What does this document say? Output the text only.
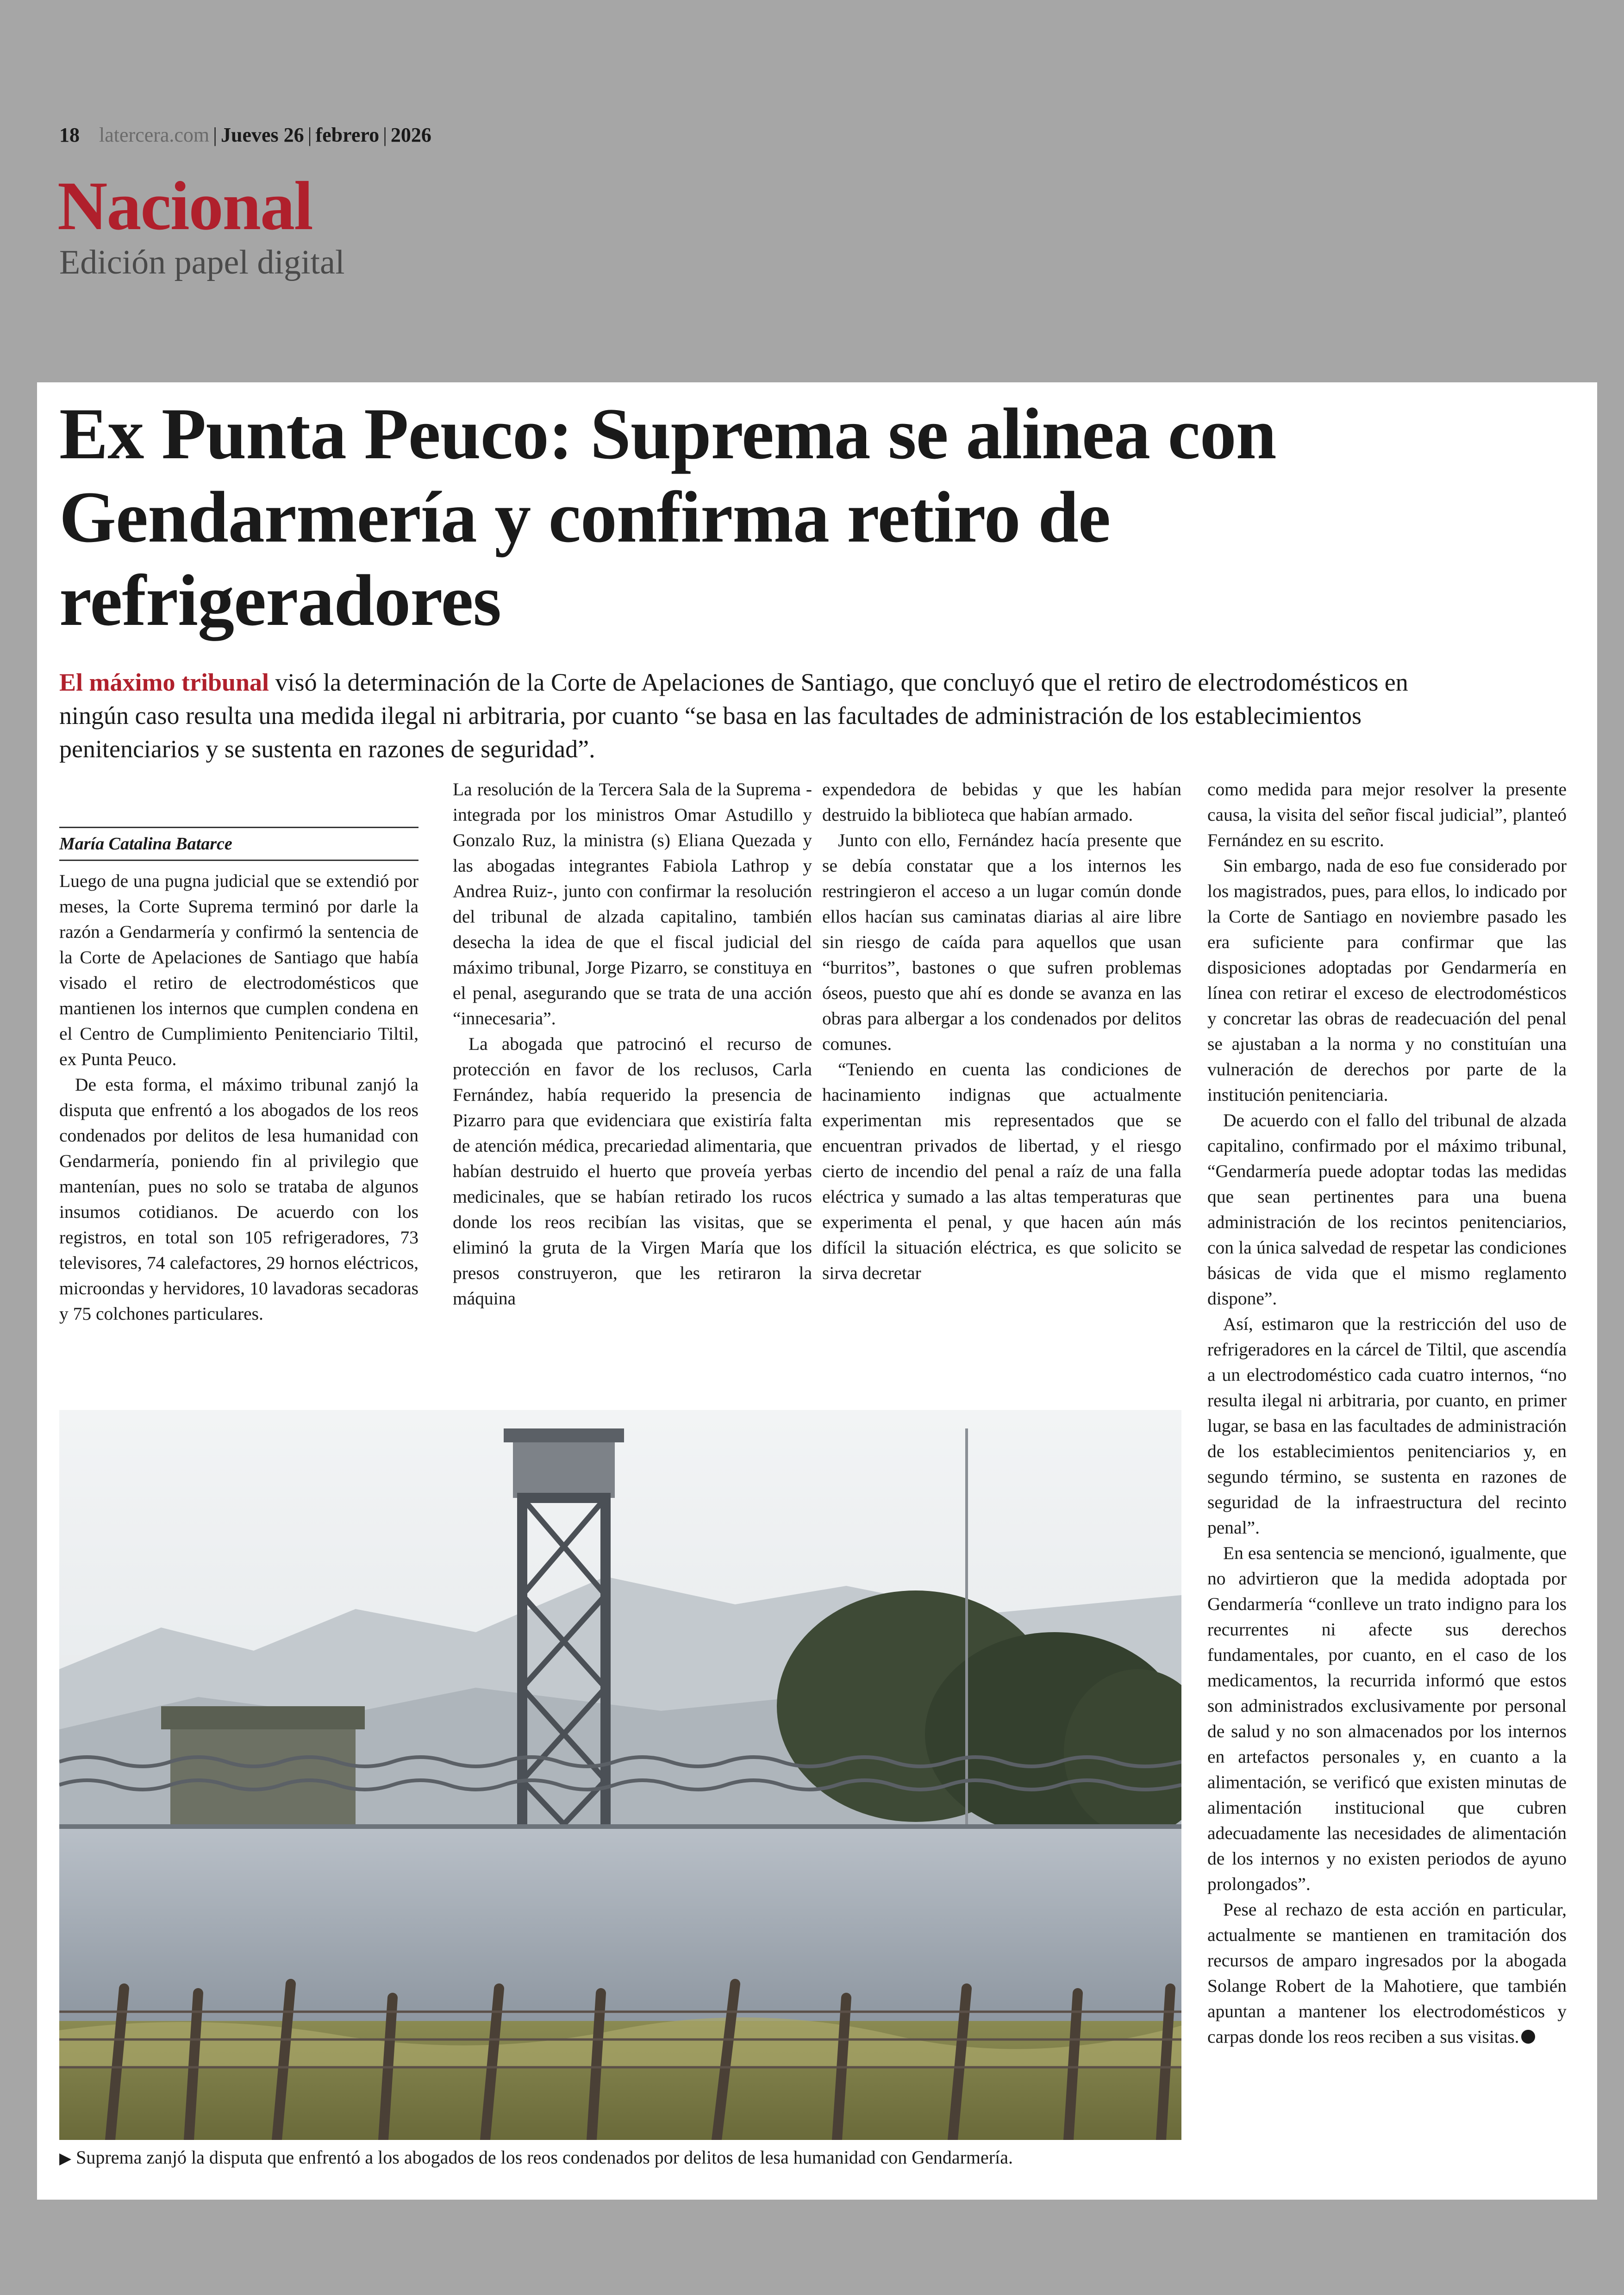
18 latercera.com | Jueves 26 | febrero | 2026
Nacional
Edición papel digital
Ex Punta Peuco: Suprema se alinea con Gendarmería y confirma retiro de refrigeradores

El máximo tribunal visó la determinación de la Corte de Apelaciones de Santiago, que concluyó que el retiro de electrodomésticos en ningún caso resulta una medida ilegal ni arbitraria, por cuanto “se basa en las facultades de administración de los establecimientos penitenciarios y se sustenta en razones de seguridad”.

María Catalina Batarce

Luego de una pugna judicial que se extendió por meses, la Corte Suprema terminó por darle la razón a Gendarmería y confirmó la sentencia de la Corte de Apelaciones de Santiago que había visado el retiro de electrodomésticos que mantienen los internos que cumplen condena en el Centro de Cumplimiento Penitenciario Tiltil, ex Punta Peuco.

De esta forma, el máximo tribunal zanjó la disputa que enfrentó a los abogados de los reos condenados por delitos de lesa humanidad con Gendarmería, poniendo fin al privilegio que mantenían, pues no solo se trataba de algunos insumos cotidianos. De acuerdo con los registros, en total son 105 refrigeradores, 73 televisores, 74 calefactores, 29 hornos eléctricos, microondas y hervidores, 10 lavadoras secadoras y 75 colchones particulares.

La resolución de la Tercera Sala de la Suprema -integrada por los ministros Omar Astudillo y Gonzalo Ruz, la ministra (s) Eliana Quezada y las abogadas integrantes Fabiola Lathrop y Andrea Ruiz-, junto con confirmar la resolución del tribunal de alzada capitalino, también desecha la idea de que el fiscal judicial del máximo tribunal, Jorge Pizarro, se constituya en el penal, asegurando que se trata de una acción “innecesaria”.

La abogada que patrocinó el recurso de protección en favor de los reclusos, Carla Fernández, había requerido la presencia de Pizarro para que evidenciara que existiría falta de atención médica, precariedad alimentaria, que habían destruido el huerto que proveía yerbas medicinales, que se habían retirado los rucos donde los reos recibían las visitas, que se eliminó la gruta de la Virgen María que los presos construyeron, que les retiraron la máquina

expendedora de bebidas y que les habían destruido la biblioteca que habían armado.

Junto con ello, Fernández hacía presente que se debía constatar que a los internos les restringieron el acceso a un lugar común donde ellos hacían sus caminatas diarias al aire libre sin riesgo de caída para aquellos que usan “burritos”, bastones o que sufren problemas óseos, puesto que ahí es donde se avanza en las obras para albergar a los condenados por delitos comunes.

“Teniendo en cuenta las condiciones de hacinamiento indignas que actualmente experimentan mis representados que se encuentran privados de libertad, y el riesgo cierto de incendio del penal a raíz de una falla eléctrica y sumado a las altas temperaturas que experimenta el penal, y que hacen aún más difícil la situación eléctrica, es que solicito se sirva decretar

como medida para mejor resolver la presente causa, la visita del señor fiscal judicial”, planteó Fernández en su escrito.

Sin embargo, nada de eso fue considerado por los magistrados, pues, para ellos, lo indicado por la Corte de Santiago en noviembre pasado les era suficiente para confirmar que las disposiciones adoptadas por Gendarmería en línea con retirar el exceso de electrodomésticos y concretar las obras de readecuación del penal se ajustaban a la norma y no constituían una vulneración de derechos por parte de la institución penitenciaria.

De acuerdo con el fallo del tribunal de alzada capitalino, confirmado por el máximo tribunal, “Gendarmería puede adoptar todas las medidas que sean pertinentes para una buena administración de los recintos penitenciarios, con la única salvedad de respetar las condiciones básicas de vida que el mismo reglamento dispone”.

Así, estimaron que la restricción del uso de refrigeradores en la cárcel de Tiltil, que ascendía a un electrodoméstico cada cuatro internos, “no resulta ilegal ni arbitraria, por cuanto, en primer lugar, se basa en las facultades de administración de los establecimientos penitenciarios y, en segundo término, se sustenta en razones de seguridad de la infraestructura del recinto penal”.

En esa sentencia se mencionó, igualmente, que no advirtieron que la medida adoptada por Gendarmería “conlleve un trato indigno para los recurrentes ni afecte sus derechos fundamentales, por cuanto, en el caso de los medicamentos, la recurrida informó que estos son administrados exclusivamente por personal de salud y no son almacenados por los internos en artefactos personales y, en cuanto a la alimentación, se verificó que existen minutas de alimentación institucional que cubren adecuadamente las necesidades de alimentación de los internos y no existen periodos de ayuno prolongados”.

Pese al rechazo de esta acción en particular, actualmente se mantienen en tramitación dos recursos de amparo ingresados por la abogada Solange Robert de la Mahotiere, que también apuntan a mantener los electrodomésticos y carpas donde los reos reciben a sus visitas.

▶ Suprema zanjó la disputa que enfrentó a los abogados de los reos condenados por delitos de lesa humanidad con Gendarmería.
